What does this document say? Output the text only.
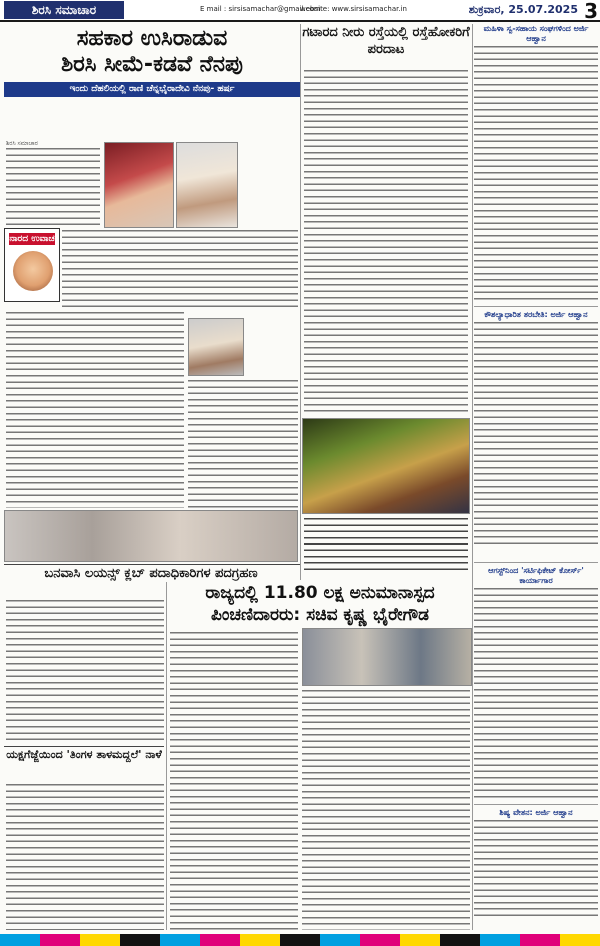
ಶಿರಸಿ ಸಮಾಚಾರ	E mail : sirsisamachar@gmail.com
website: www.sirsisamachar.in	ಶುಕ್ರವಾರ, 25.07.2025 3
ಸಹಕಾರ ಉಸಿರಾಡುವ
ಶಿರಸಿ ಸೀಮೆ-ಕಡವೆ ನೆನಪು
ಇಂದು ದೆಹಲಿಯಲ್ಲಿ ರಾಣಿ ಚೆನ್ನಭೈರಾದೇವಿ ನೆನಪು- ಹರ್ಷ
ಶಿರಸಿ ಸಮಾಚಾರ
ನಾರದ ಉವಾಚ
ಗಟಾರದ ನೀರು ರಸ್ತೆಯಲ್ಲಿ ರಸ್ತೆಹೋಕರಿಗೆ ಪರದಾಟ
ಮಹಿಳಾ ಸ್ವ-ಸಹಾಯ ಸಂಘಗಳಿಂದ ಅರ್ಜಿ ಆಹ್ವಾನ
ಕೌಶಲ್ಯಾಧಾರಿತ ತರಬೇತಿ: ಅರ್ಜಿ ಆಹ್ವಾನ
ಆಗಸ್ಟ್‌ನಿಂದ 'ಸರ್ಟಿಫಿಕೇಟ್ ಕೋರ್ಸ್' ಕಾರ್ಯಾಗಾರ
ಶಿಷ್ಯ ವೇತನ: ಅರ್ಜಿ ಆಹ್ವಾನ
ಬನವಾಸಿ ಲಯನ್ಸ್ ಕ್ಲಬ್ ಪದಾಧಿಕಾರಿಗಳ ಪದಗ್ರಹಣ
ಯಕ್ಷಗೆಜ್ಜೆಯಿಂದ 'ತಿಂಗಳ ತಾಳಮದ್ದಲೆ' ನಾಳೆ
ರಾಜ್ಯದಲ್ಲಿ 11.80 ಲಕ್ಷ ಅನುಮಾನಾಸ್ಪದ ಪಿಂಚಣಿದಾರರು: ಸಚಿವ ಕೃಷ್ಣ ಭೈರೇಗೌಡ
